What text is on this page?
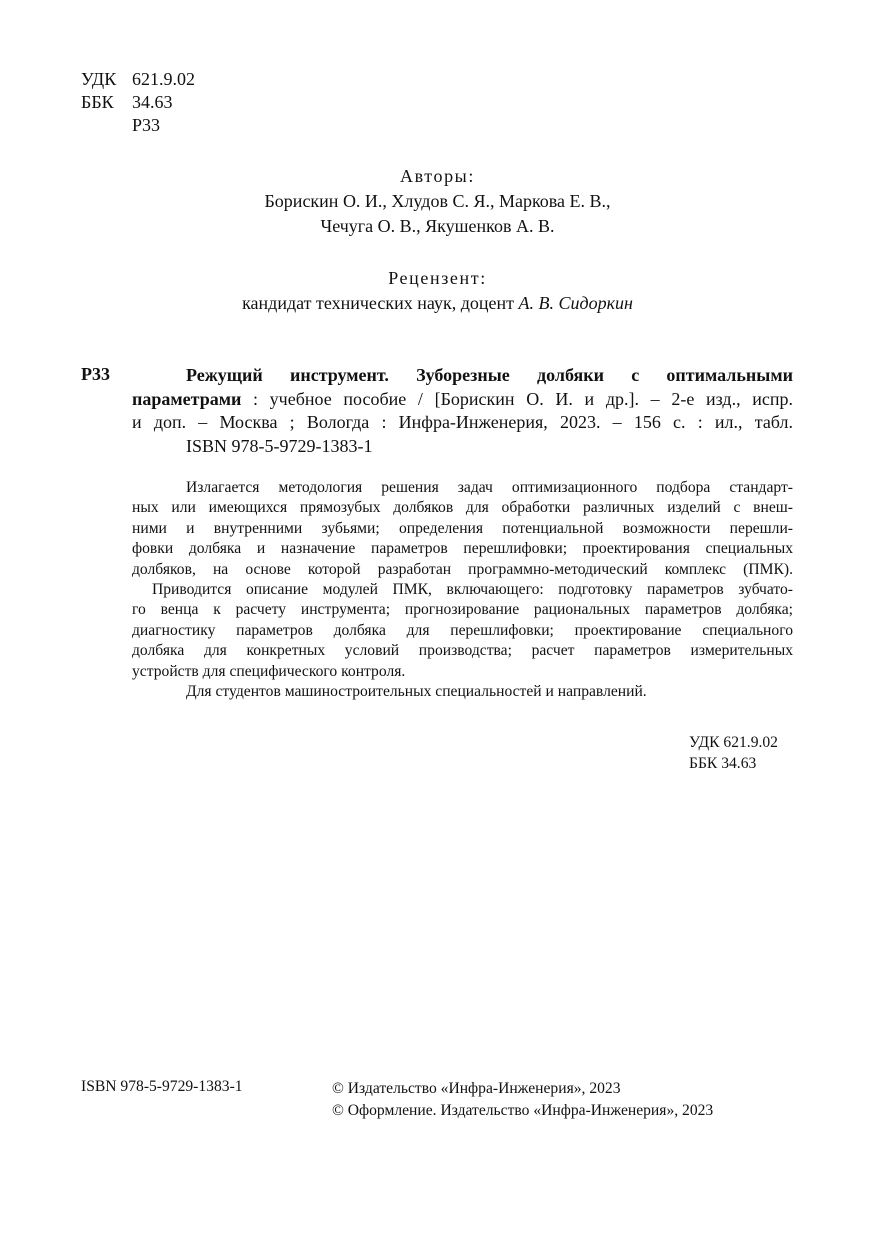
УДК 621.9.02
ББК	34.63
Р33
Авторы:
Борискин О. И., Хлудов С. Я., Маркова Е. В.,
Чечуга О. В., Якушенков А. В.
Рецензент:
кандидат технических наук, доцент А. В. Сидоркин
Р33	Режущий инструмент. Зуборезные долбяки с оптимальными
параметрами : учебное пособие / [Борискин О. И. и др.]. – 2-е изд., испр.
и доп. – Москва ; Вологда : Инфра-Инженерия, 2023. – 156 с. : ил., табл.
ISBN 978-5-9729-1383-1
Излагается методология решения задач оптимизационного подбора стандарт-
ных или имеющихся прямозубых долбяков для обработки различных изделий с внеш-
ними и внутренними зубьями; определения потенциальной возможности перешли-
фовки долбяка и назначение параметров перешлифовки; проектирования специальных
долбяков, на основе которой разработан программно-методический комплекс (ПМК).
Приводится описание модулей ПМК, включающего: подготовку параметров зубчато-
го венца к расчету инструмента; прогнозирование рациональных параметров долбяка;
диагностику параметров долбяка для перешлифовки; проектирование специального
долбяка для конкретных условий производства; расчет параметров измерительных
устройств для специфического контроля.
Для студентов машиностроительных специальностей и направлений.
УДК 621.9.02
ББК 34.63
ISBN 978-5-9729-1383-1	© Издательство «Инфра-Инженерия», 2023
© Оформление. Издательство «Инфра-Инженерия», 2023
